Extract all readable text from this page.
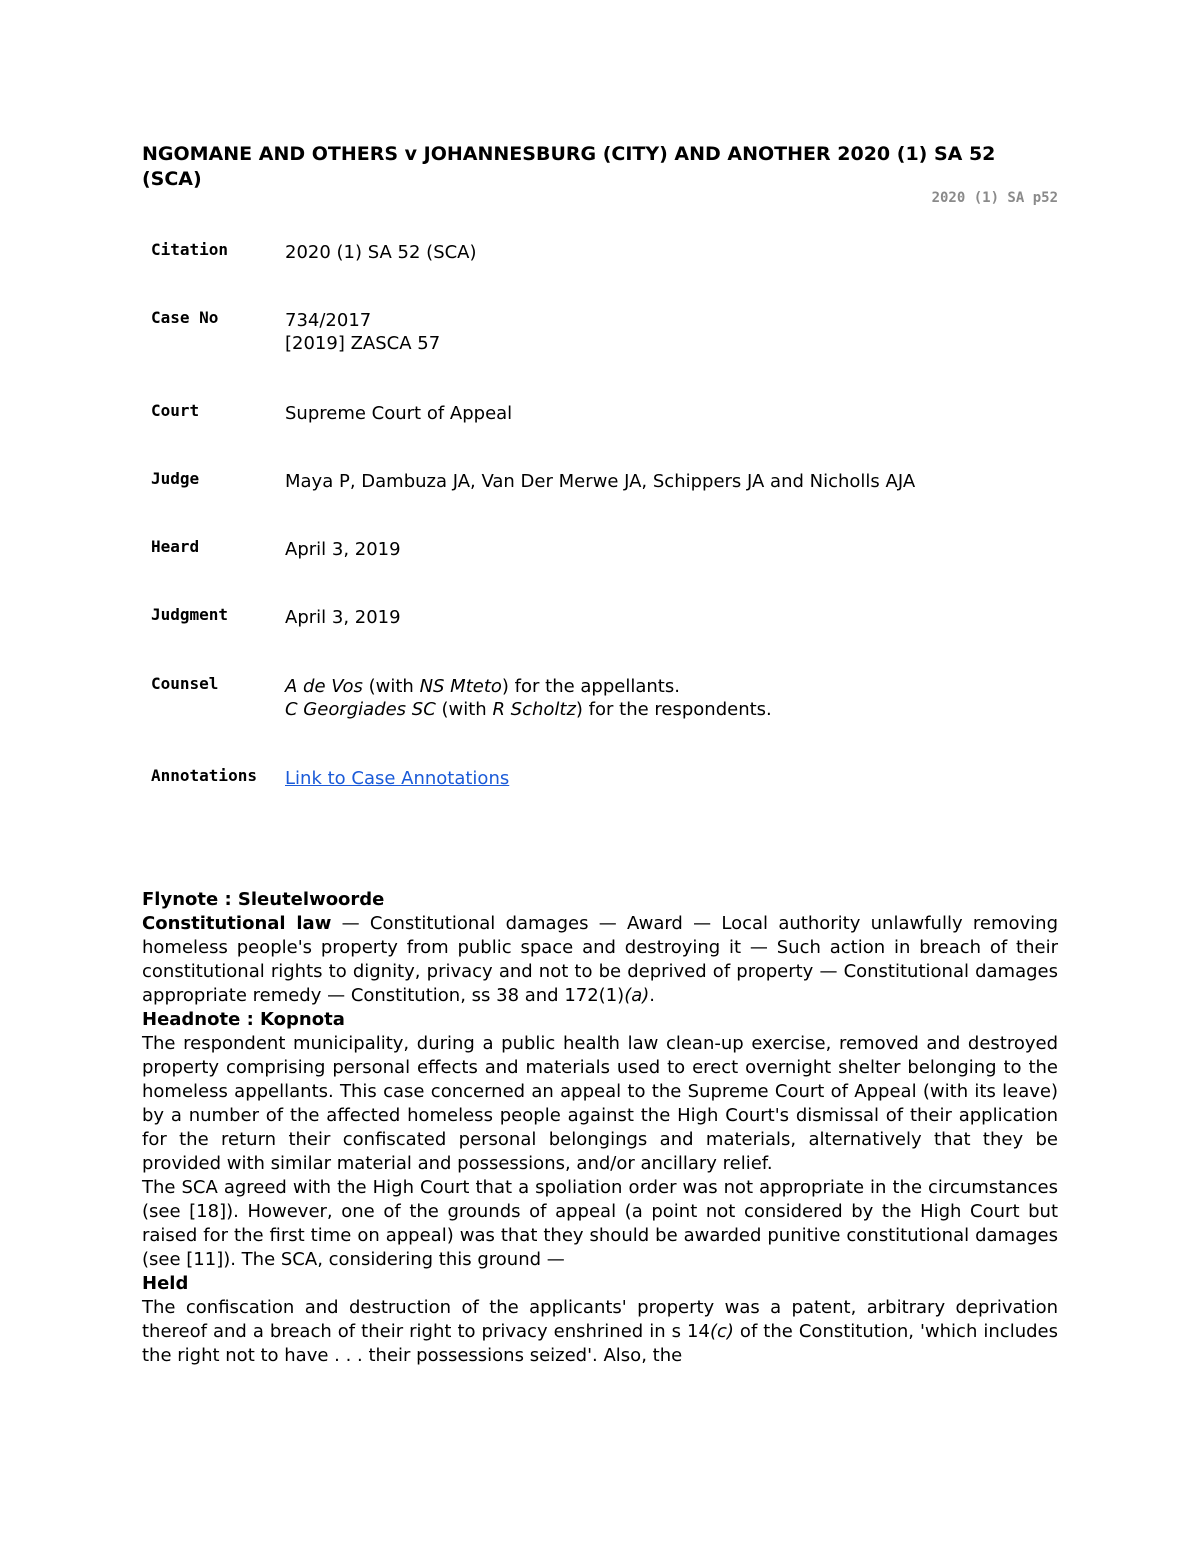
NGOMANE AND OTHERS v JOHANNESBURG (CITY) AND ANOTHER 2020 (1) SA 52 (SCA)
2020 (1) SA p52
Citation	2020 (1) SA 52 (SCA)
Case No	734/2017
[2019] ZASCA 57
Court	Supreme Court of Appeal
Judge	Maya P, Dambuza JA, Van Der Merwe JA, Schippers JA and Nicholls AJA
Heard	April 3, 2019
Judgment	April 3, 2019
Counsel	A de Vos (with NS Mteto) for the appellants.
C Georgiades SC (with R Scholtz) for the respondents.
Annotations Link to Case Annotations
Flynote : Sleutelwoorde

Constitutional law — Constitutional damages — Award — Local authority unlawfully removing homeless people's property from public space and destroying it — Such action in breach of their constitutional rights to dignity, privacy and not to be deprived of property — Constitutional damages appropriate remedy — Constitution, ss 38 and 172(1)(a).

Headnote : Kopnota

The respondent municipality, during a public health law clean-up exercise, removed and destroyed property comprising personal effects and materials used to erect overnight shelter belonging to the homeless appellants. This case concerned an appeal to the Supreme Court of Appeal (with its leave) by a number of the affected homeless people against the High Court's dismissal of their application for the return their confiscated personal belongings and materials, alternatively that they be provided with similar material and possessions, and/or ancillary relief.

The SCA agreed with the High Court that a spoliation order was not appropriate in the circumstances (see [18]). However, one of the grounds of appeal (a point not considered by the High Court but raised for the first time on appeal) was that they should be awarded punitive constitutional damages (see [11]). The SCA, considering this ground —

Held

The confiscation and destruction of the applicants' property was a patent, arbitrary deprivation thereof and a breach of their right to privacy enshrined in s 14(c) of the Constitution, 'which includes the right not to have . . . their possessions seized'. Also, the
